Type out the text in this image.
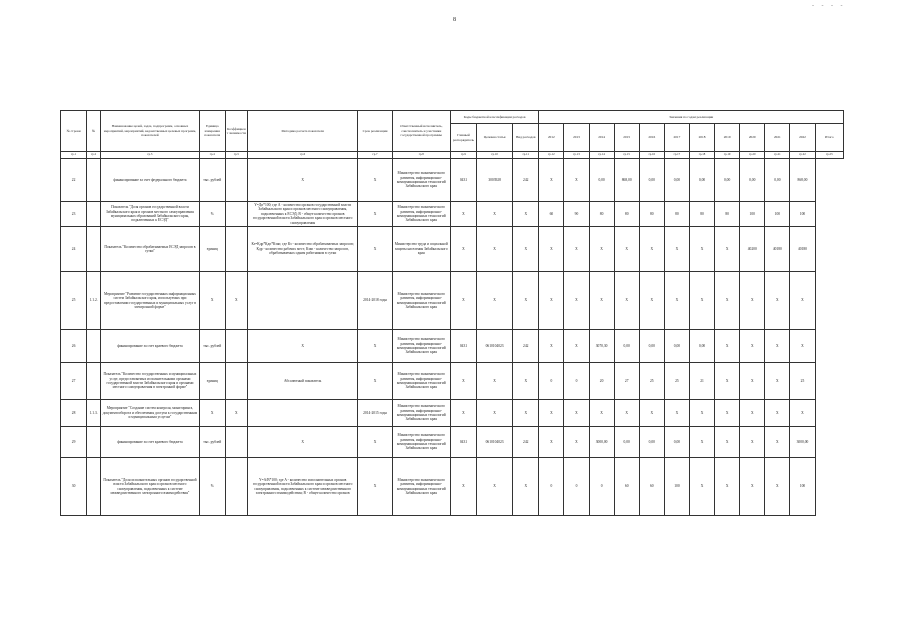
8
- - - -
№ строки	№	Наименование целей, задач, подпрограмм, основных мероприятий, мероприятий, ведомственных целевых программ, показателей	Единица измерения показателя	Коэффициент значимости	Методика расчета показателя	Срок реализации	Ответственный исполнитель, соисполнитель и участники государственной программы	Коды бюджетной классификации расходов			Значения по годам реализации											
								Главный распорядитель	Целевая статья	Вид расходов	2012	2013	2014	2015	2016	2017	2018	2019	2020	2021	2022	Итого
гр.1	гр.2	гр.3	гр.4	гр.5	гр.6	гр.7	гр.8	гр.9	гр.10	гр.11	гр.12	гр.13	гр.14	гр.15	гр.16	гр.17	гр.18	гр.19	гр.20	гр.21	гр.22	гр.23
22		финансирование за счет федерального бюджета	тыс. рублей		Х	Х	Министерство экономического развития, информационно-коммуникационных технологий Забайкальского края	0431	3003928	242	Х	Х	0,00	868,00	0,00	0,00	0,00	0,00	0,00	0,00	868,00	
23		Показатель "Доля органов государственной власти Забайкальского края и органов местного самоуправления муниципальных образований Забайкальского края, подключенных к ЕСЭД"	%		Y=Дп*100; где А - количество органов государственной власти Забайкальского края и органов местного самоуправления, подключенных к ЕСЭД; В - общее количество органов государственной власти Забайкальского края и органов местного самоуправления	Х	Министерство экономического развития, информационно-коммуникационных технологий Забайкальского края	Х	Х	Х	60	90	80	80	80	80	80	80	100	100	100	
24		Показатель "Количество обрабатываемых ЕСЭД запросов в сутки"	единиц		Кз=Кдр*Кдп*Кзап; где Кз - количество обрабатываемых запросов; Кдр - количество рабочих мест; Кзап - количество запросов, обрабатываемых одним работником в сутки	Х	Министерство труда и социальной защиты населения Забайкальского края	Х	Х	Х	Х	Х	Х	Х	Х	Х	Х	Х	40200	40180	40180	
25	1.1.2.	Мероприятие "Развитие государственных информационных систем Забайкальского края, используемых при предоставлении государственных и муниципальных услуг в электронной форме"	Х	Х		2014-2018 годы	Министерство экономического развития, информационно-коммуникационных технологий Забайкальского края	Х	Х	Х	Х	Х	Х	Х	Х	Х	Х	Х	Х	Х	Х	
26		финансирование за счет краевого бюджета	тыс. рублей		Х	Х	Министерство экономического развития, информационно-коммуникационных технологий Забайкальского края	0431	0610104023	242	Х	Х	3070,30	0,00	0,00	0,00	0,00	Х	Х	Х	Х	
27		Показатель "Количество государственных и муниципальных услуг, предоставляемых исполнительными органами государственной власти Забайкальского края и органами местного самоуправления в электронной форме"	единиц		Абсолютный показатель	Х	Министерство экономического развития, информационно-коммуникационных технологий Забайкальского края	Х	Х	Х	0	0	20	27	25	25	21	Х	Х	Х	25	
28	1.1.3.	Мероприятие "Создание систем контроля, мониторинга, документооборота и обеспечения доступа к государственным и муниципальным услугам"	Х	Х		2014-2015 годы	Министерство экономического развития, информационно-коммуникационных технологий Забайкальского края	Х	Х	Х	Х	Х	Х	Х	Х	Х	Х	Х	Х	Х	Х	
29		финансирование за счет краевого бюджета	тыс. рублей		Х	Х	Министерство экономического развития, информационно-коммуникационных технологий Забайкальского края	0431	0610104023	242	Х	Х	3000,00	0,00	0,00	0,00	Х	Х	Х	Х	3000,00	
30		Показатель "Доля исполнительных органов государственной власти Забайкальского края и органов местного самоуправления, подключенных к системе межведомственного электронного взаимодействия"	%		Y=A/B*100; где A - количество исполнительных органов государственной власти Забайкальского края и органов местного самоуправления, подключенных к системе межведомственного электронного взаимодействия; B - общее количество органов	Х	Министерство экономического развития, информационно-коммуникационных технологий Забайкальского края	Х	Х	Х	0	0	0	60	60	100	Х	Х	Х	Х	100	
